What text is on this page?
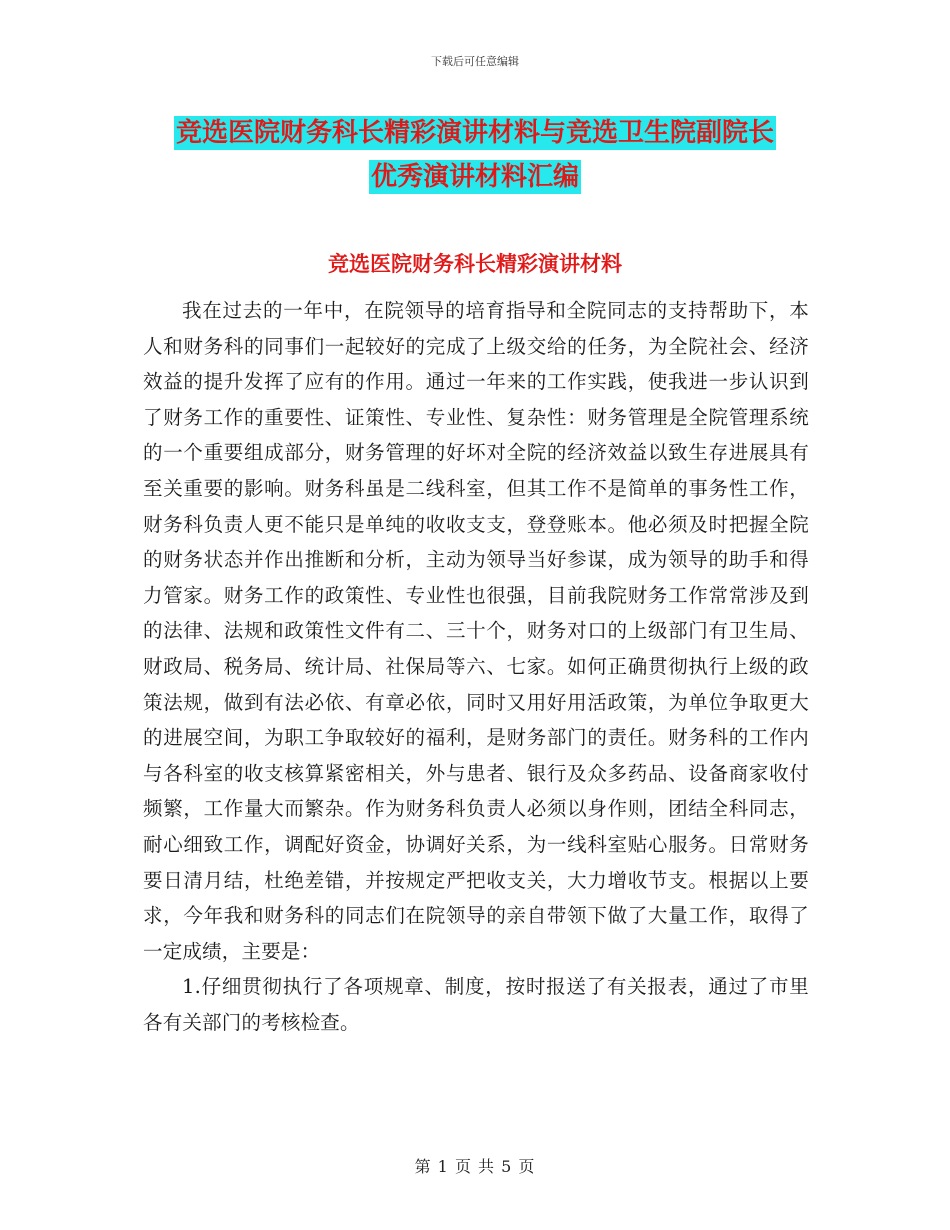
下载后可任意编辑
竞选医院财务科长精彩演讲材料与竞选卫生院副院长
优秀演讲材料汇编
竞选医院财务科长精彩演讲材料

我在过去的一年中，在院领导的培育指导和全院同志的支持帮助下，本人和财务科的同事们一起较好的完成了上级交给的任务，为全院社会、经济效益的提升发挥了应有的作用。通过一年来的工作实践，使我进一步认识到了财务工作的重要性、证策性、专业性、复杂性：财务管理是全院管理系统的一个重要组成部分，财务管理的好坏对全院的经济效益以致生存进展具有至关重要的影响。财务科虽是二线科室，但其工作不是简单的事务性工作，财务科负责人更不能只是单纯的收收支支，登登账本。他必须及时把握全院的财务状态并作出推断和分析，主动为领导当好参谋，成为领导的助手和得力管家。财务工作的政策性、专业性也很强，目前我院财务工作常常涉及到的法律、法规和政策性文件有二、三十个，财务对口的上级部门有卫生局、财政局、税务局、统计局、社保局等六、七家。如何正确贯彻执行上级的政策法规，做到有法必依、有章必依，同时又用好用活政策，为单位争取更大的进展空间，为职工争取较好的福利，是财务部门的责任。财务科的工作内与各科室的收支核算紧密相关，外与患者、银行及众多药品、设备商家收付频繁，工作量大而繁杂。作为财务科负责人必须以身作则，团结全科同志，耐心细致工作，调配好资金，协调好关系，为一线科室贴心服务。日常财务要日清月结，杜绝差错，并按规定严把收支关，大力增收节支。根据以上要求，今年我和财务科的同志们在院领导的亲自带领下做了大量工作，取得了一定成绩，主要是：

1.仔细贯彻执行了各项规章、制度，按时报送了有关报表，通过了市里各有关部门的考核检查。

第 1 页 共 5 页
